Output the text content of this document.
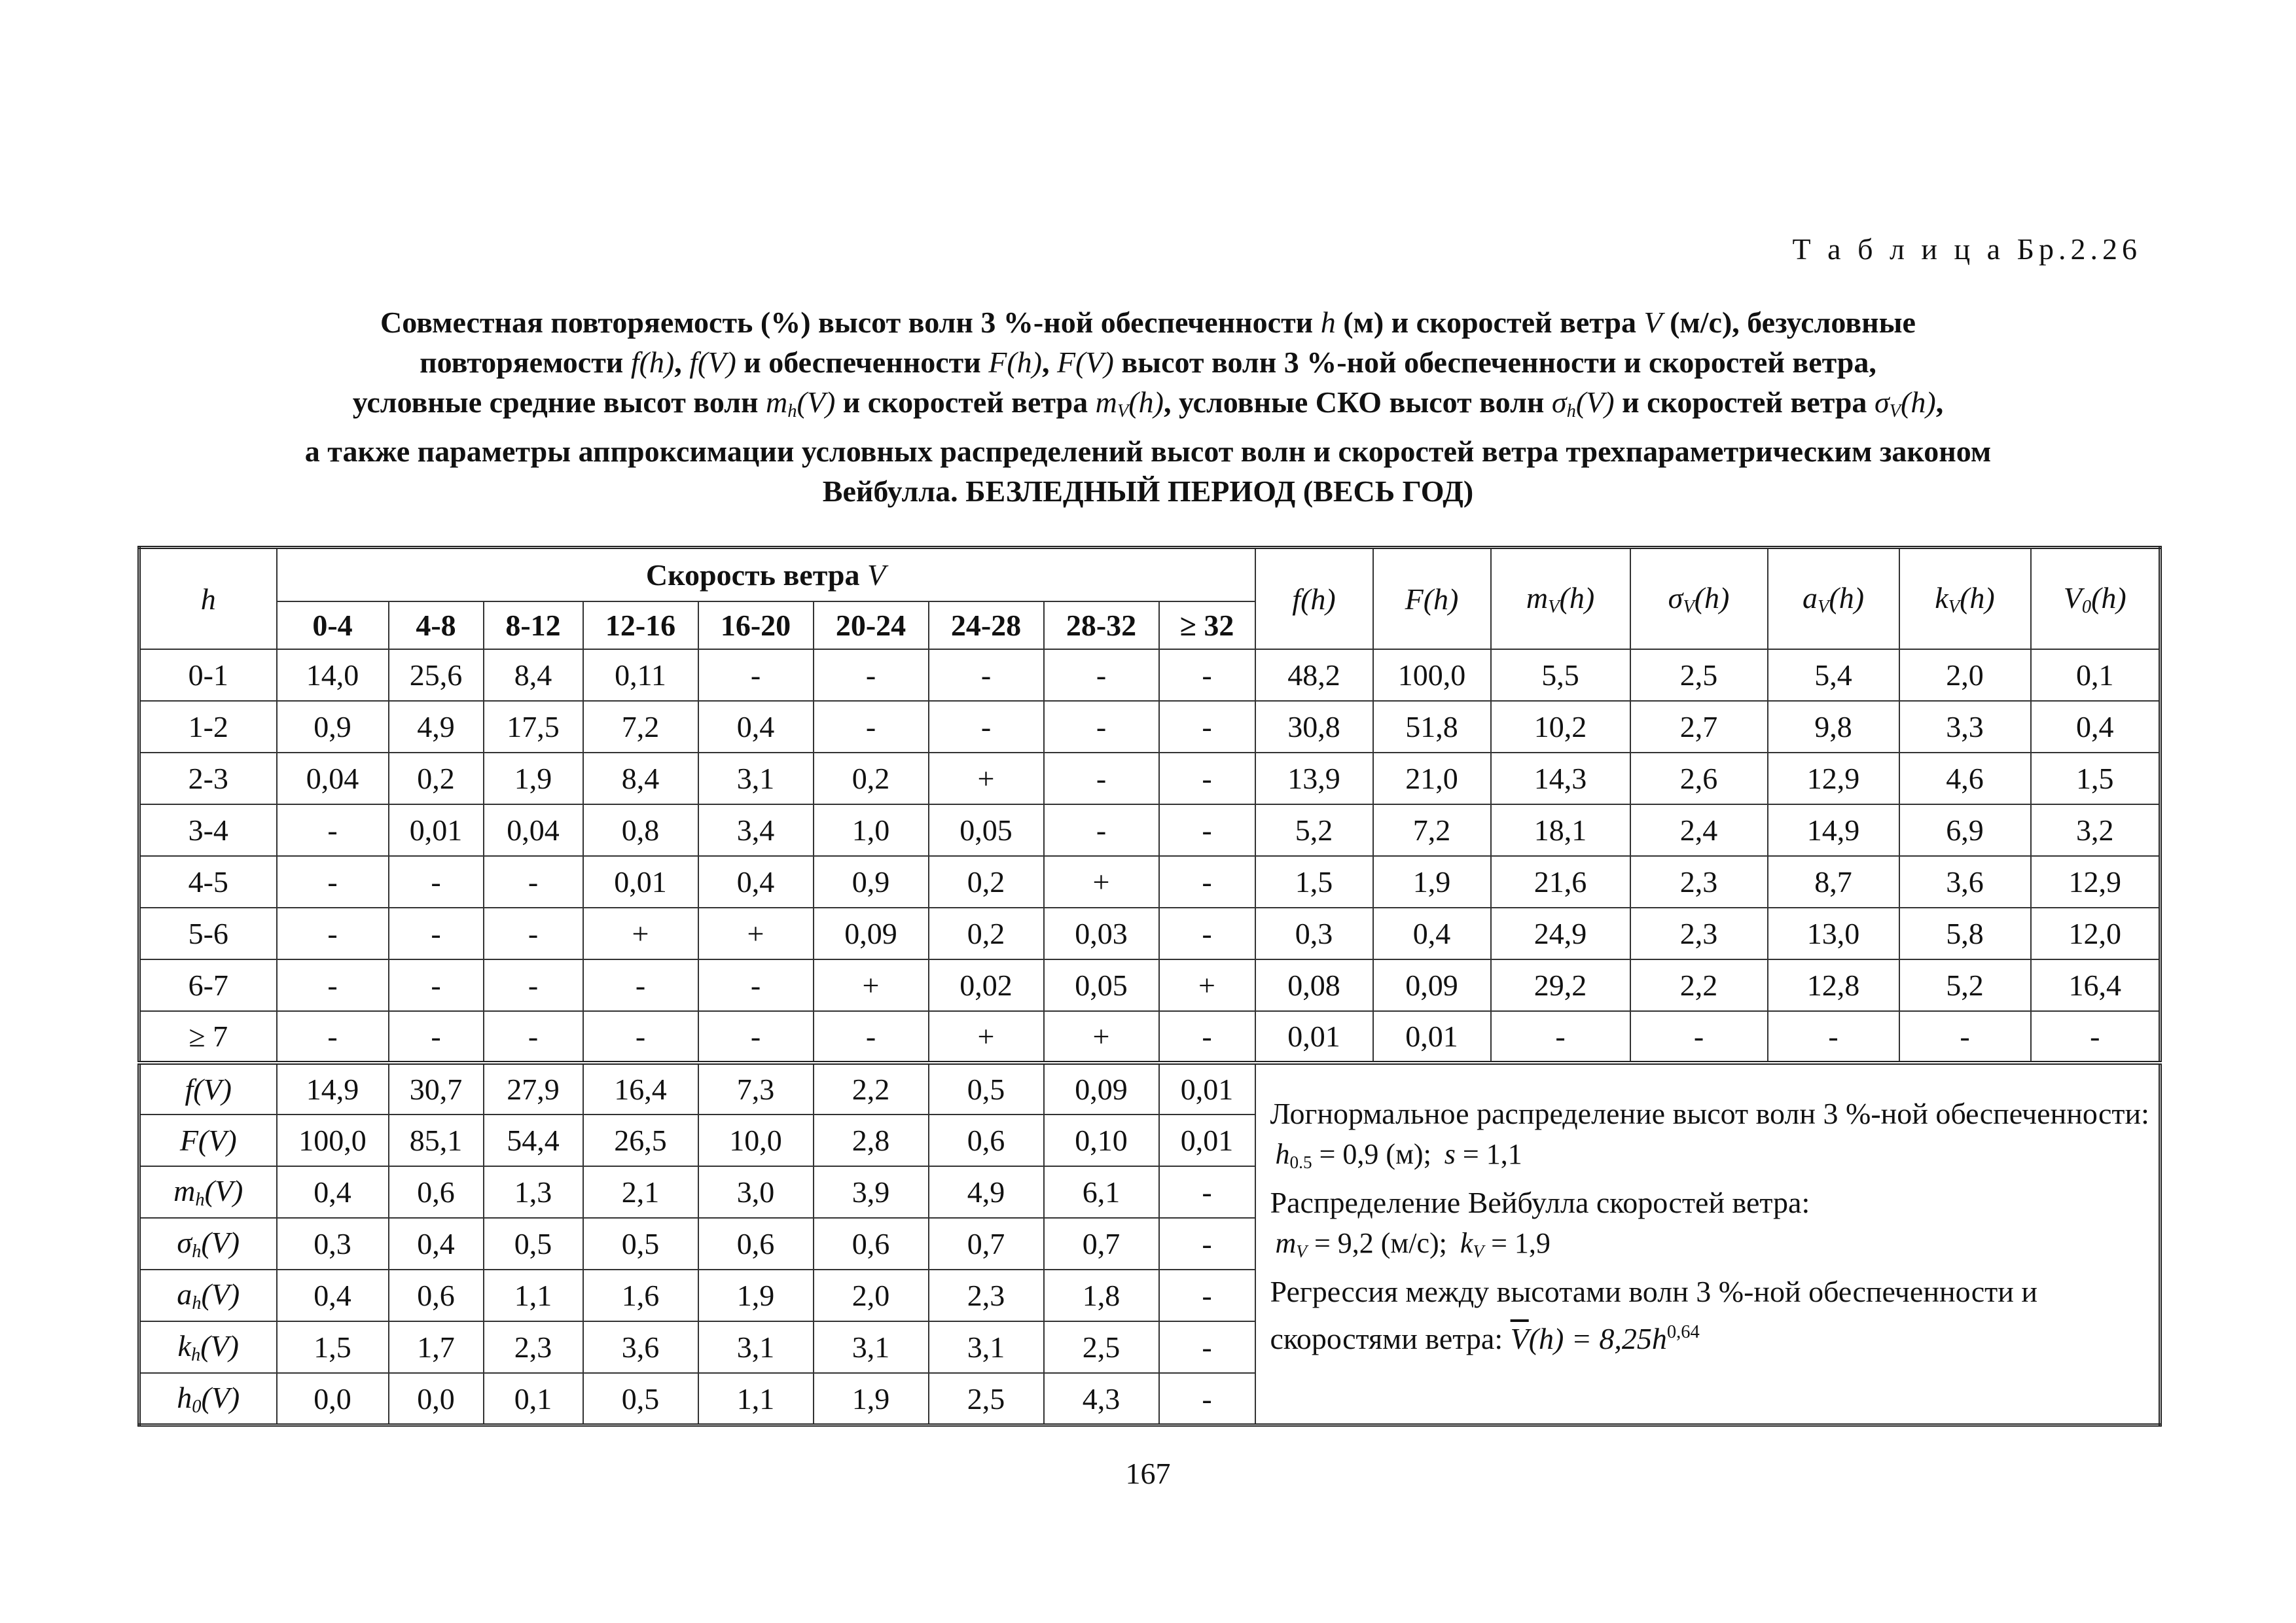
Т а б л и ц а Бр.2.26
Совместная повторяемость (%) высот волн 3 %-ной обеспеченности h (м) и скоростей ветра V (м/с), безусловные
повторяемости f(h), f(V) и обеспеченности F(h), F(V) высот волн 3 %-ной обеспеченности и скоростей ветра,
условные средние высот волн $m_h(V)$ и скоростей ветра $m_V(h)$, условные СКО высот волн $\sigma_h(V)$ и скоростей ветра $\sigma_V(h)$,
а также параметры аппроксимации условных распределений высот волн и скоростей ветра трехпараметрическим законом
Вейбулла. БЕЗЛЕДНЫЙ ПЕРИОД (ВЕСЬ ГОД)
h	Скорость ветра V									f(h)	F(h)	$m_V(h)$	$\sigma_V(h)$	$a_V(h)$	$k_V(h)$	$V_0(h)$
	0-4	4-8	8-12	12-16	16-20	20-24	24-28	28-32	≥ 32							
0-1	14,0	25,6	8,4	0,11	-	-	-	-	-	48,2	100,0	5,5	2,5	5,4	2,0	0,1
1-2	0,9	4,9	17,5	7,2	0,4	-	-	-	-	30,8	51,8	10,2	2,7	9,8	3,3	0,4
2-3	0,04	0,2	1,9	8,4	3,1	0,2	+	-	-	13,9	21,0	14,3	2,6	12,9	4,6	1,5
3-4	-	0,01	0,04	0,8	3,4	1,0	0,05	-	-	5,2	7,2	18,1	2,4	14,9	6,9	3,2
4-5	-	-	-	0,01	0,4	0,9	0,2	+	-	1,5	1,9	21,6	2,3	8,7	3,6	12,9
5-6	-	-	-	+	+	0,09	0,2	0,03	-	0,3	0,4	24,9	2,3	13,0	5,8	12,0
6-7	-	-	-	-	-	+	0,02	0,05	+	0,08	0,09	29,2	2,2	12,8	5,2	16,4
≥ 7	-	-	-	-	-	-	+	+	-	0,01	0,01	-	-	-	-	-
f(V)	14,9	30,7	27,9	16,4	7,3	2,2	0,5	0,09	0,01	Логнормальное распределение высот волн 3 %-ной обеспеченности:
$h_{0.5} = 0,9$ (м); s = 1,1
Распределение Вейбулла скоростей ветра:
$m_V = 9,2$ (м/с); $k_V = 1,9$
Регрессия между высотами волн 3 %-ной обеспеченности и скоростями ветра: $\overline{V}(h) = 8,25h^{0,64}$

F(V)	100,0	85,1	54,4	26,5	10,0	2,8	0,6	0,10	0,01							
$m_h(V)$	0,4	0,6	1,3	2,1	3,0	3,9	4,9	6,1	-							
$\sigma_h(V)$	0,3	0,4	0,5	0,5	0,6	0,6	0,7	0,7	-							
$a_h(V)$	0,4	0,6	1,1	1,6	1,9	2,0	2,3	1,8	-							
$k_h(V)$	1,5	1,7	2,3	3,6	3,1	3,1	3,1	2,5	-							
$h_0(V)$	0,0	0,0	0,1	0,5	1,1	1,9	2,5	4,3	-							
167
